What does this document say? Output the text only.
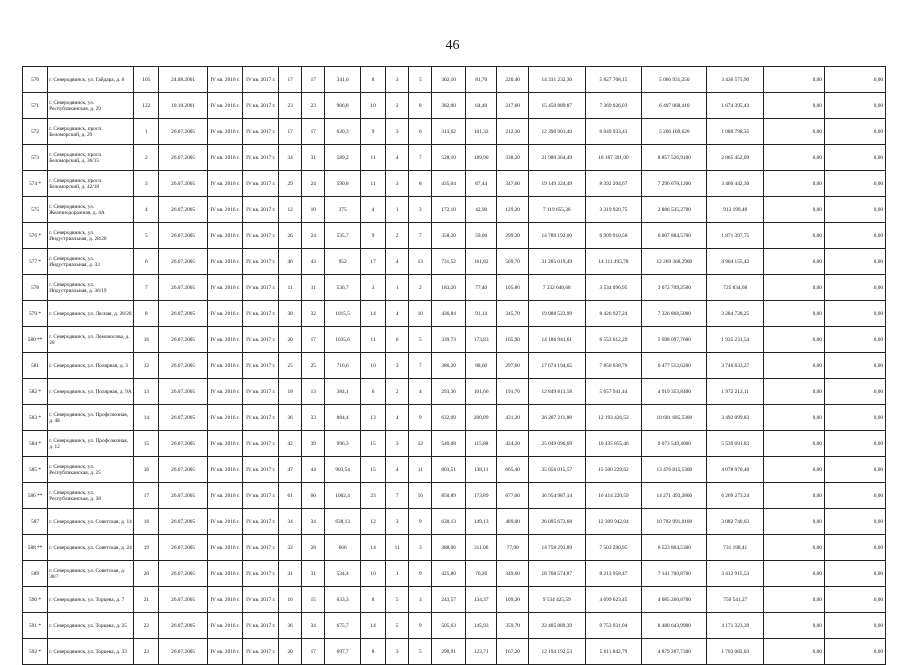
46
570	г. Северодвинск, ул. Гайдара, д. 6	105	24.08.2001	IV кв. 2016 г.	IV кв. 2017 г.	17	17	341,6	8	3	5	302,10	81,70	220,40	14 331 232,30	5 827 708,15	5 066 931,250	3 436 575,90	0,00	0,00
571	г. Северодвинск, ул. Республиканская, д. 29	122	10.10.2001	IV кв. 2016 г.	IV кв. 2017 г.	23	23	906,8	10	2	8	382,00	64,40	317,60	15 450 889,87	7 369 026,03	6 407 068,410	1 674 395,43	0,00	0,00
572	г. Северодвинск, просп. Беломорский, д. 29	1	26.07.2005	IV кв. 2016 г.	IV кв. 2017 г.	17	17	620,3	9	3	6	313,62	101,32	212,30	12 390 901,40	6 049 933,43	5 260 169,620	1 080 798,35	0,00	0,00
573	г. Северодвинск, просп. Беломорский, д. 36/15	2	26.07.2005	IV кв. 2016 г.	IV кв. 2017 г.	34	31	589,2	11	4	7	528,10	189,90	338,20	21 980 364,49	10 187 391,00	8 857 526,9100	2 865 452,09	0,00	0,00
574 *	г. Северодвинск, просп. Беломорский, д. 42/18	3	26.07.2005	IV кв. 2016 г.	IV кв. 2017 г.	29	24	590,8	11	3	8	435,04	87,44	347,60	19 149 324,49	8 392 204,67	7 296 678,1200	3 460 442,30	0,00	0,00
575	г. Северодвинск, ул. Железнодорожная, д. 4А	4	26.07.2005	IV кв. 2016 г.	IV кв. 2017 г.	12	10	375	4	1	3	172,10	42,90	129,20	7 119 655,36	3 319 920,75	2 886 535,2700	913 199,48	0,00	0,00
576 *	г. Северодвинск, ул. Индустриальная, д. 28/20	5	26.07.2005	IV кв. 2016 г.	IV кв. 2017 г.	26	24	535,7	9	2	7	358,20	59,00	299,20	14 789 192,00	6 909 910,58	6 007 884,5700	1 871 397,75	0,00	0,00
577 *	г. Северодвинск, ул. Индустриальная, д. 33	6	26.07.2005	IV кв. 2016 г.	IV кв. 2017 г.	46	43	952	17	4	13	731,52	161,82	569,70	31 285 019,49	14 111 495,78	12 269 368,2900	4 904 155,42	0,00	0,00
578	г. Северодвинск, ул. Индустриальная, д. 36/19	7	26.07.2005	IV кв. 2016 г.	IV кв. 2017 г.	11	11	536,7	3	1	2	183,20	77,40	105,80	7 232 640,68	3 534 096,95	3 072 709,2500	725 834,68	0,00	0,00
579 *	г. Северодвинск, ул. Лесная, д. 28/20	8	26.07.2005	IV кв. 2016 г.	IV кв. 2017 г.	38	32	1015,5	14	4	10	436,84	91,14	345,70	19 088 523,99	8 426 927,24	7 326 868,5000	3 284 728,25	0,00	0,00
580 **	г. Северодвинск, ул. Ломоносова, д. 20	16	26.07.2005	IV кв. 2016 г.	IV кв. 2017 г.	20	17	1035,6	11	6	5	339,73	173,83	165,90	14 186 941,61	6 553 612,29	5 698 097,7600	1 935 231,54	0,00	0,00
581	г. Северодвинск, ул. Полярная, д. 3	12	26.07.2005	IV кв. 2016 г.	IV кв. 2017 г.	25	25	716,6	10	3	7	386,20	88,60	297,60	17 674 194,65	7 850 038,76	6 477 512,6200	3 746 633,27	0,00	0,00
582 *	г. Северодвинск, ул. Полярная, д. 9А	13	26.07.2005	IV кв. 2016 г.	IV кв. 2017 г.	18	13	384,1	6	2	4	293,36	101,66	191,70	12 849 813,58	5 657 941,44	4 919 353,8400	1 972 212,11	0,00	0,00
583 *	г. Северодвинск, ул. Профсоюзная, д. 4Б	14	26.07.2005	IV кв. 2016 г.	IV кв. 2017 г.	36	33	884,4	13	4	9	632,09	200,89	431,20	26 287 211,88	12 193 426,52	10 601 685,5300	3 492 099,83	0,00	0,00
584 *	г. Северодвинск, ул. Профсоюзная, д. 12	15	26.07.2005	IV кв. 2016 г.	IV кв. 2017 г.	42	39	996,3	15	3	12	540,08	115,88	424,20	25 049 096,69	10 435 855,46	9 073 549,4000	5 539 691,83	0,00	0,00
585 *	г. Северодвинск, ул. Республиканская, д. 25	16	26.07.2005	IV кв. 2016 г.	IV кв. 2017 г.	47	44	903,54	15	4	11	803,51	138,11	665,40	35 056 015,57	15 500 229,62	13 476 815,5300	4 078 970,40	0,00	0,00
586 **	г. Северодвинск, ул. Республиканская, д. 38	17	26.07.2005	IV кв. 2016 г.	IV кв. 2017 г.	61	60	1002,4	23	7	16	850,89	173,89	677,00	36 954 987,14	16 414 220,59	14 271 493,2800	6 269 273,24	0,00	0,00
587	г. Северодвинск, ул. Советская, д. 14	18	26.07.2005	IV кв. 2016 г.	IV кв. 2017 г.	34	34	638,13	12	3	9	638,13	149,13	489,00	26 095 673,68	12 309 942,04	10 702 991,0100	3 082 740,63	0,00	0,00
588 **	г. Северодвинск, ул. Советская, д. 24	19	26.07.2005	IV кв. 2016 г.	IV кв. 2017 г.	32	28	666	14	11	3	388,96	311,06	77,90	14 758 293,89	7 503 290,95	6 523 804,5300	731 198,41	0,00	0,00
589	г. Северодвинск, ул. Советская, д. 38/7	20	26.07.2005	IV кв. 2016 г.	IV кв. 2017 г.	31	31	534,4	10	1	9	425,80	76,20	349,60	18 768 574,87	8 213 958,47	7 141 700,8700	3 412 915,53	0,00	0,00
590 *	г. Северодвинск, ул. Торцева, д. 7	21	26.07.2005	IV кв. 2016 г.	IV кв. 2017 г.	16	15	633,3	8	5	3	243,57	134,37	109,20	9 534 425,59	4 699 623,45	4 085 260,8700	750 541,27	0,00	0,00
591 *	г. Северодвинск, ул. Торцева, д. 25	22	26.07.2005	IV кв. 2016 г.	IV кв. 2017 г.	36	34	675,7	14	5	9	505,63	145,93	359,70	22 405 889,39	9 753 931,04	8 480 643,9900	4 171 323,39	0,00	0,00
592 *	г. Северодвинск, ул. Торцева, д. 33	23	26.07.2005	IV кв. 2016 г.	IV кв. 2017 г.	20	17	697,7	8	3	5	290,91	123,71	167,20	12 194 192,53	5 611 842,79	4 879 267,7300	1 703 082,03	0,00	0,00
